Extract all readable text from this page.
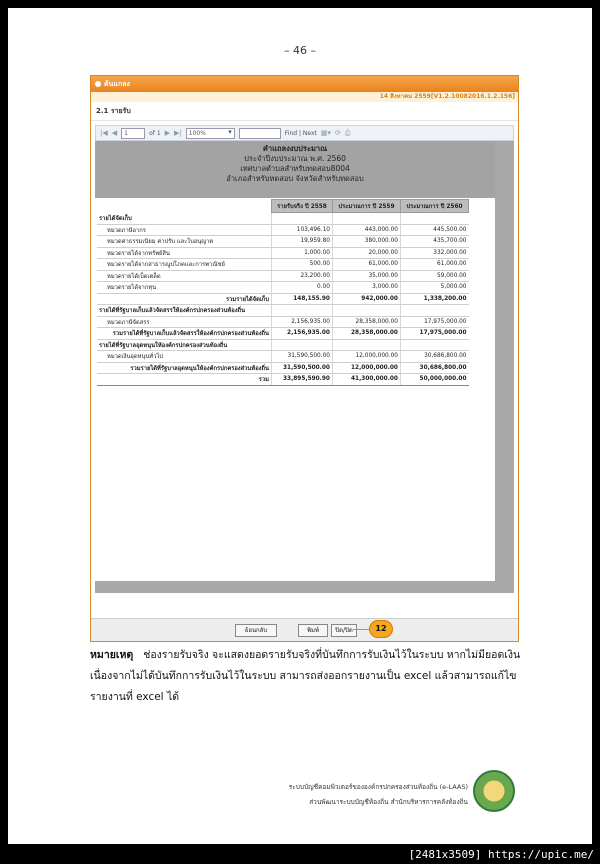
– 46 –
ค้นแกลง
14 สิงหาคม 2559[V1.2.10082016.1.2.156]
2.1 รายรับ
|◀ ◀	1	of 1 ▶ ▶|	100% ▾	Find | Next ▦▾ ⟳ ⎙
คำแถลงงบประมาณ
ประจำปีงบประมาณ พ.ศ. 2560
เทศบาลตำบลสำหรับทดสอบ8004
อำเภอสำหรับทดสอบ จังหวัดสำหรับทดสอบ
	รายรับจริง ปี 2558	ประมาณการ ปี 2559	ประมาณการ ปี 2560
รายได้จัดเก็บ			
หมวดภาษีอากร	103,496.10	443,000.00	445,500.00
หมวดค่าธรรมเนียม ค่าปรับ และใบอนุญาต	19,959.80	380,000.00	435,700.00
หมวดรายได้จากทรัพย์สิน	1,000.00	20,000.00	332,000.00
หมวดรายได้จากสาธารณูปโภคและการพาณิชย์	500.00	61,000.00	61,000.00
หมวดรายได้เบ็ดเตล็ด	23,200.00	35,000.00	59,000.00
หมวดรายได้จากทุน	0.00	3,000.00	5,000.00
รวมรายได้จัดเก็บ	148,155.90	942,000.00	1,338,200.00
รายได้ที่รัฐบาลเก็บแล้วจัดสรรให้องค์กรปกครองส่วนท้องถิ่น			
หมวดภาษีจัดสรร	2,156,935.00	28,358,000.00	17,975,000.00
รวมรายได้ที่รัฐบาลเก็บแล้วจัดสรรให้องค์กรปกครองส่วนท้องถิ่น	2,156,935.00	28,358,000.00	17,975,000.00
รายได้ที่รัฐบาลอุดหนุนให้องค์กรปกครองส่วนท้องถิ่น			
หมวดเงินอุดหนุนทั่วไป	31,590,500.00	12,000,000.00	30,686,800.00
รวมรายได้ที่รัฐบาลอุดหนุนให้องค์กรปกครองส่วนท้องถิ่น	31,590,500.00	12,000,000.00	30,686,800.00
รวม	33,895,590.90	41,300,000.00	50,000,000.00
ย้อนกลับ	พิมพ์	ปิด/ปิด	12
หมายเหตุ ช่องรายรับจริง จะแสดงยอดรายรับจริงที่บันทึกการรับเงินไว้ในระบบ หากไม่มียอดเงิน เนื่องจากไม่ได้บันทึกการรับเงินไว้ในระบบ สามารถส่งออกรายงานเป็น excel แล้วสามารถแก้ไขรายงานที่ excel ได้
ระบบบัญชีคอมพิวเตอร์ขององค์กรปกครองส่วนท้องถิ่น (e-LAAS)
ส่วนพัฒนาระบบบัญชีท้องถิ่น สำนักบริหารการคลังท้องถิ่น
[2481x3509] https://upic.me/
